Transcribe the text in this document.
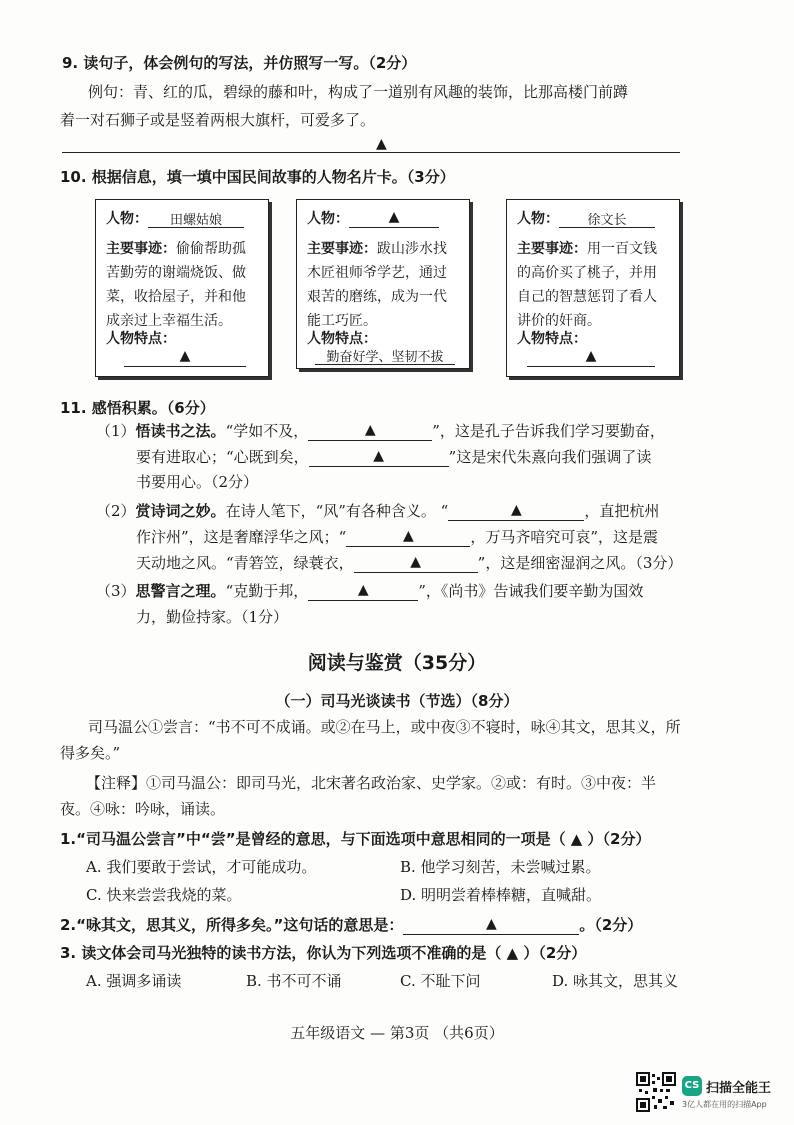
9. 读句子，体会例句的写法，并仿照写一写。（2分）
例句：青、红的瓜，碧绿的藤和叶，构成了一道别有风趣的装饰，比那高楼门前蹲
着一对石狮子或是竖着两根大旗杆，可爱多了。
▲
10. 根据信息，填一填中国民间故事的人物名片卡。（3分）
人物： 田螺姑娘
主要事迹：偷偷帮助孤
苦勤劳的谢端烧饭、做
菜，收拾屋子，并和他
成亲过上幸福生活。
人物特点：
▲
人物：	▲
主要事迹：跋山涉水找
木匠祖师爷学艺，通过
艰苦的磨练，成为一代
能工巧匠。
人物特点：
勤奋好学、坚韧不拔
人物： 徐文长
主要事迹：用一百文钱
的高价买了桃子，并用
自己的智慧惩罚了看人
讲价的奸商。
人物特点：
▲
11. 感悟积累。（6分）
（1）悟读书之法。“学如不及，	▲	”，这是孔子告诉我们学习要勤奋，
要有进取心；“心既到矣，	▲	”这是宋代朱熹向我们强调了读
书要用心。（2分）
（2）赏诗词之妙。在诗人笔下，“风”有各种含义。 “	▲	，直把杭州
作汴州”，这是奢靡浮华之风；“	▲	，万马齐喑究可哀”，这是震
天动地之风。“青箬笠，绿蓑衣，	▲	”，这是细密湿润之风。（3分）
（3）思警言之理。“克勤于邦，	▲	”，《尚书》告诫我们要辛勤为国效
力，勤俭持家。（1分）
阅读与鉴赏（35分）
（一）司马光谈读书（节选）（8分）
司马温公①尝言：“书不可不成诵。或②在马上，或中夜③不寝时，咏④其文，思其义，所
得多矣。”
【注释】①司马温公：即司马光，北宋著名政治家、史学家。②或：有时。③中夜：半
夜。④咏：吟咏，诵读。
1.“司马温公尝言”中“尝”是曾经的意思，与下面选项中意思相同的一项是（ ▲ ）（2分）
A. 我们要敢于尝试，才可能成功。	B. 他学习刻苦，未尝喊过累。
C. 快来尝尝我烧的菜。	D. 明明尝着棒棒糖，直喊甜。
2.“咏其文，思其义，所得多矣。”这句话的意思是：	▲	。（2分）
3. 读文体会司马光独特的读书方法，你认为下列选项不准确的是（ ▲ ）（2分）
A. 强调多诵读	B. 书不可不诵	C. 不耻下问	D. 咏其文，思其义
五年级语文 — 第3页 （共6页）
CS 扫描全能王
3亿人都在用的扫描App
